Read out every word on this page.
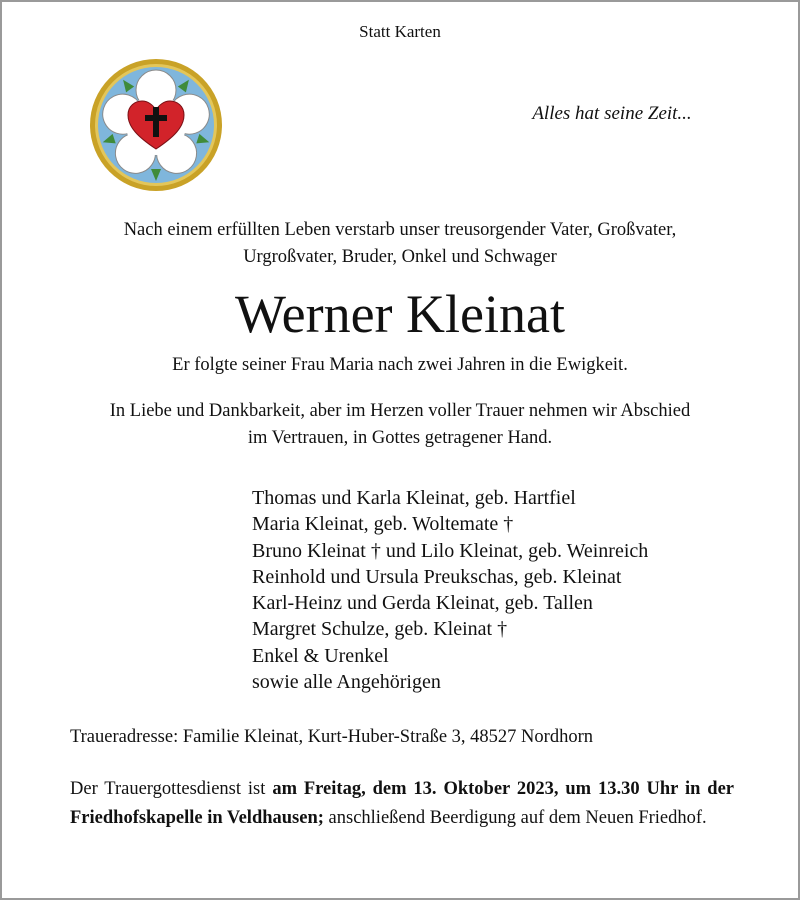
Statt Karten
Alles hat seine Zeit...
Nach einem erfüllten Leben verstarb unser treusorgender Vater, Großvater,
Urgroßvater, Bruder, Onkel und Schwager
Werner Kleinat
Er folgte seiner Frau Maria nach zwei Jahren in die Ewigkeit.
In Liebe und Dankbarkeit, aber im Herzen voller Trauer nehmen wir Abschied
im Vertrauen, in Gottes getragener Hand.
Thomas und Karla Kleinat, geb. Hartfiel
Maria Kleinat, geb. Woltemate †
Bruno Kleinat † und Lilo Kleinat, geb. Weinreich
Reinhold und Ursula Preukschas, geb. Kleinat
Karl-Heinz und Gerda Kleinat, geb. Tallen
Margret Schulze, geb. Kleinat †
Enkel & Urenkel
sowie alle Angehörigen
Traueradresse: Familie Kleinat, Kurt-Huber-Straße 3, 48527 Nordhorn
Der Trauergottesdienst ist am Freitag, dem 13. Oktober 2023, um 13.30 Uhr in der Friedhofskapelle in Veldhausen; anschließend Beerdigung auf dem Neuen Friedhof.
